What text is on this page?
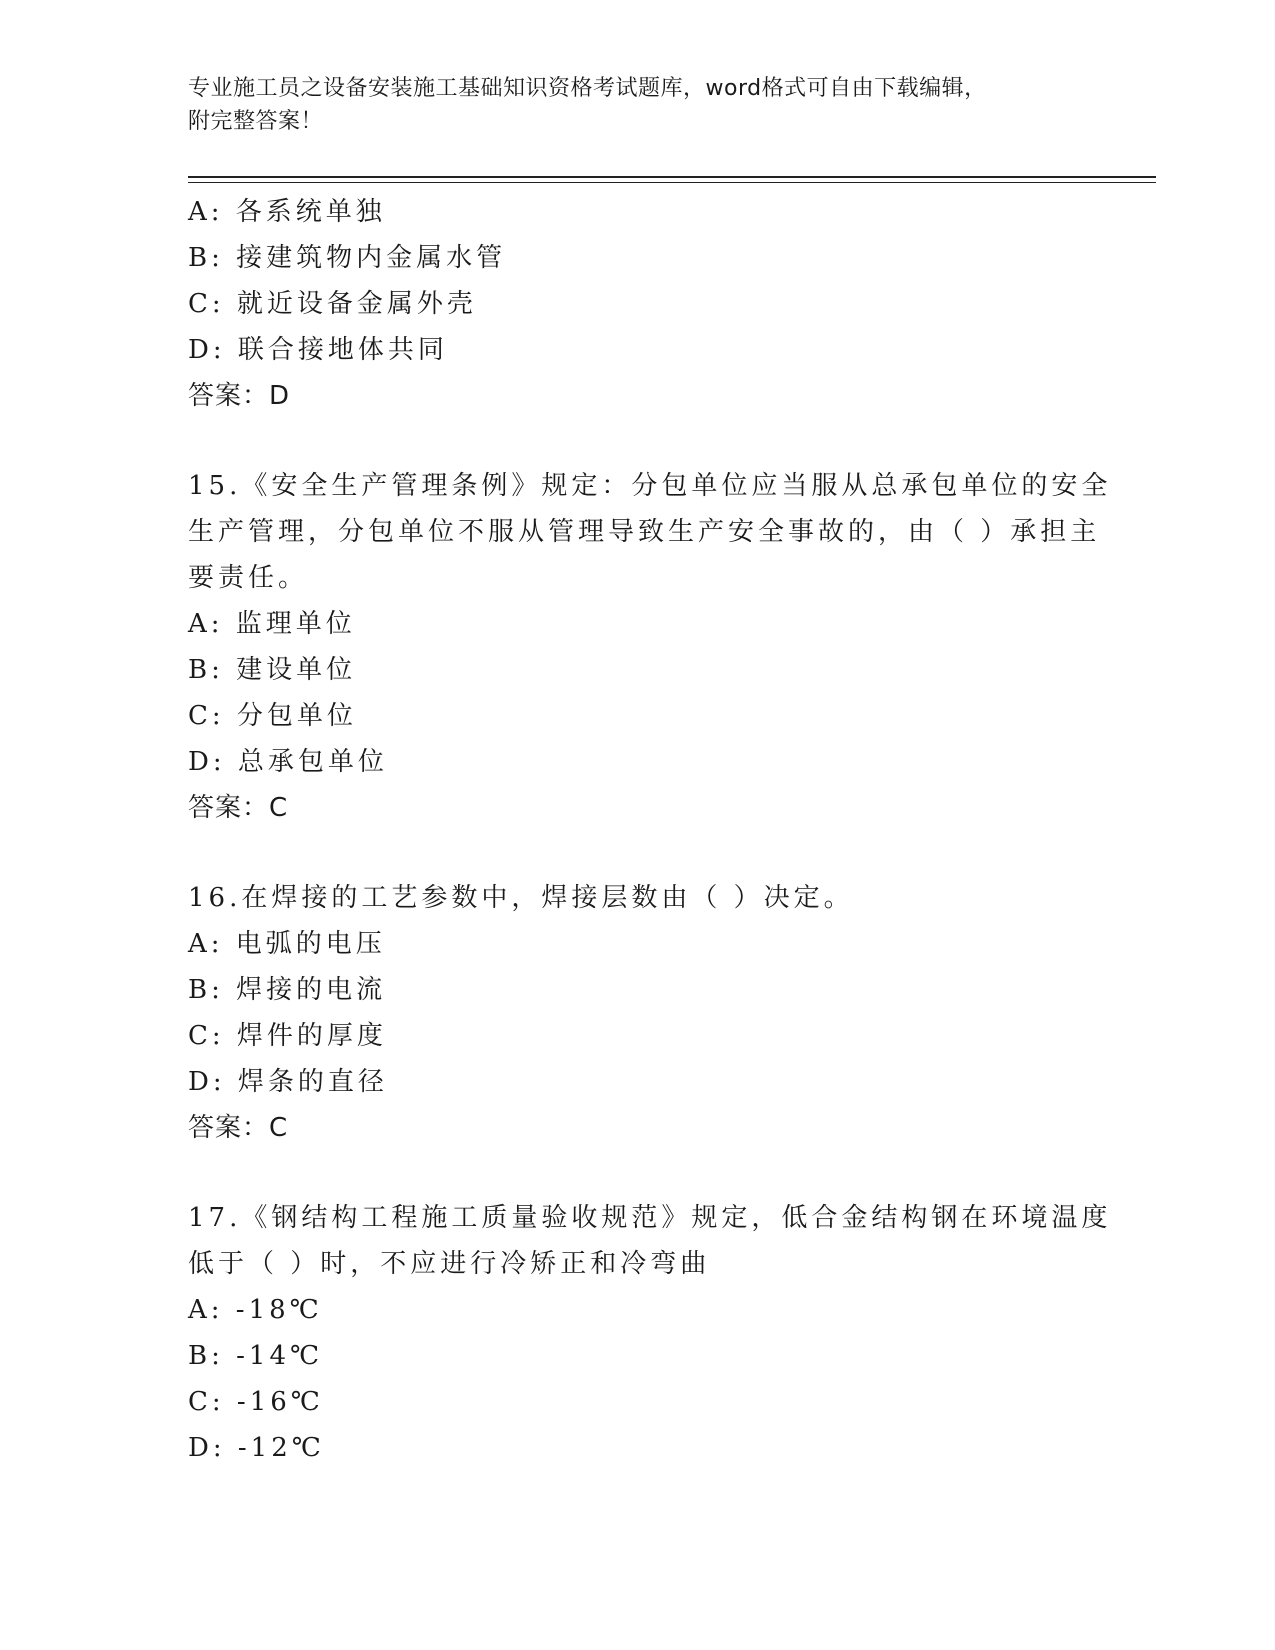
专业施工员之设备安装施工基础知识资格考试题库，word格式可自由下载编辑，
附完整答案！
A: 各系统单独
B: 接建筑物内金属水管
C: 就近设备金属外壳
D: 联合接地体共同
答案：D
15.《安全生产管理条例》规定：分包单位应当服从总承包单位的安全
生产管理，分包单位不服从管理导致生产安全事故的，由（ ）承担主
要责任。
A: 监理单位
B: 建设单位
C: 分包单位
D: 总承包单位
答案：C
16.在焊接的工艺参数中，焊接层数由（ ）决定。
A: 电弧的电压
B: 焊接的电流
C: 焊件的厚度
D: 焊条的直径
答案：C
17.《钢结构工程施工质量验收规范》规定，低合金结构钢在环境温度
低于（ ）时，不应进行冷矫正和冷弯曲
A: -18℃
B: -14℃
C: -16℃
D: -12℃
